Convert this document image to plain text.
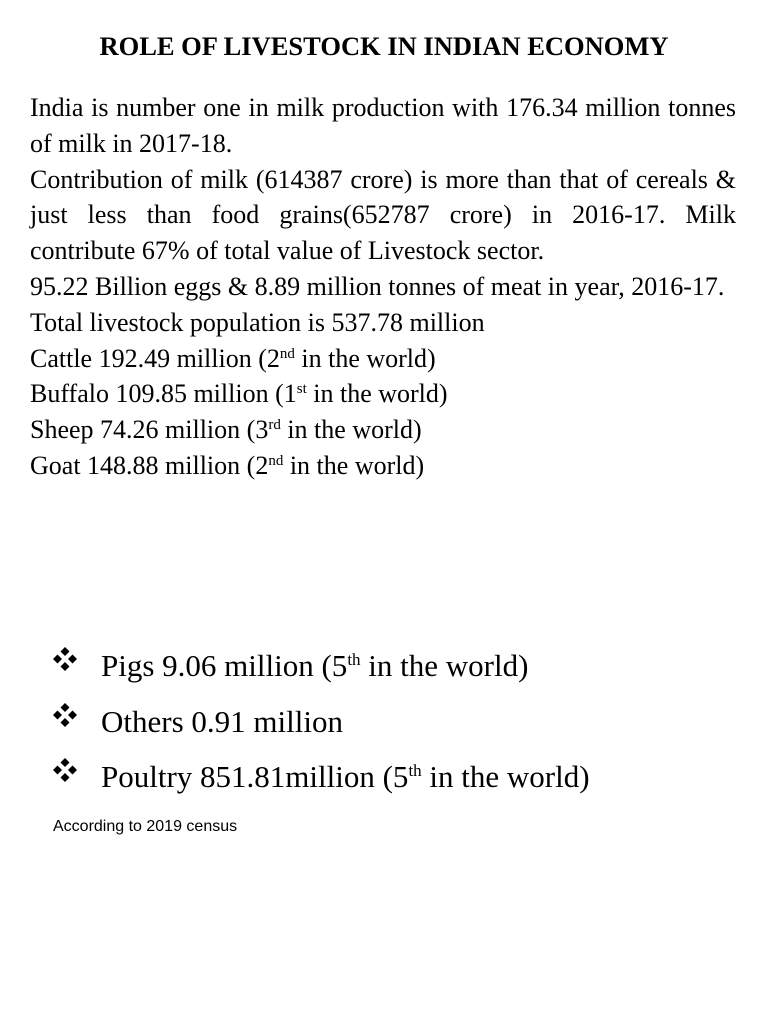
ROLE OF LIVESTOCK IN INDIAN ECONOMY

India is number one in milk production with 176.34 million tonnes of milk in 2017-18.

Contribution of milk (614387 crore) is more than that of cereals & just less than food grains(652787 crore) in 2016-17. Milk contribute 67% of total value of Livestock sector.

95.22 Billion eggs & 8.89 million tonnes of meat in year, 2016-17.

Total livestock population is 537.78 million

Cattle 192.49 million (2nd in the world)

Buffalo 109.85 million (1st in the world)

Sheep 74.26 million (3rd in the world)

Goat 148.88 million (2nd in the world)

Pigs 9.06 million (5th in the world)
Others 0.91 million
Poultry 851.81million (5th in the world)

According to 2019 census
